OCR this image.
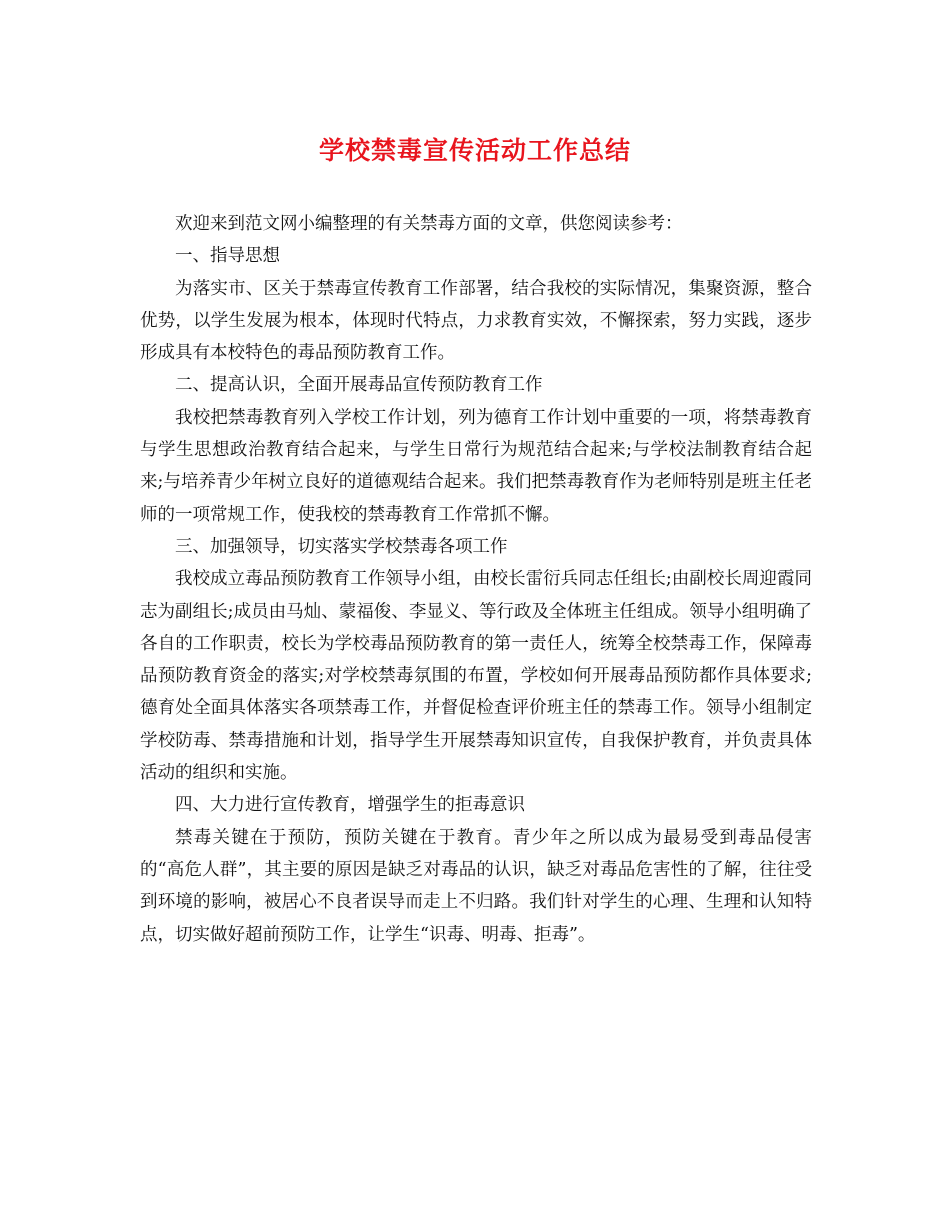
学校禁毒宣传活动工作总结

欢迎来到范文网小编整理的有关禁毒方面的文章，供您阅读参考：

一、指导思想

为落实市、区关于禁毒宣传教育工作部署，结合我校的实际情况，集聚资源，整合优势，以学生发展为根本，体现时代特点，力求教育实效，不懈探索，努力实践，逐步形成具有本校特色的毒品预防教育工作。

二、提高认识，全面开展毒品宣传预防教育工作

我校把禁毒教育列入学校工作计划，列为德育工作计划中重要的一项，将禁毒教育与学生思想政治教育结合起来，与学生日常行为规范结合起来;与学校法制教育结合起来;与培养青少年树立良好的道德观结合起来。我们把禁毒教育作为老师特别是班主任老师的一项常规工作，使我校的禁毒教育工作常抓不懈。

三、加强领导，切实落实学校禁毒各项工作

我校成立毒品预防教育工作领导小组，由校长雷衍兵同志任组长;由副校长周迎霞同志为副组长;成员由马灿、蒙福俊、李显义、等行政及全体班主任组成。领导小组明确了各自的工作职责，校长为学校毒品预防教育的第一责任人，统筹全校禁毒工作，保障毒品预防教育资金的落实;对学校禁毒氛围的布置，学校如何开展毒品预防都作具体要求;德育处全面具体落实各项禁毒工作，并督促检查评价班主任的禁毒工作。领导小组制定学校防毒、禁毒措施和计划，指导学生开展禁毒知识宣传，自我保护教育，并负责具体活动的组织和实施。

四、大力进行宣传教育，增强学生的拒毒意识

禁毒关键在于预防，预防关键在于教育。青少年之所以成为最易受到毒品侵害的“高危人群”，其主要的原因是缺乏对毒品的认识，缺乏对毒品危害性的了解，往往受到环境的影响，被居心不良者误导而走上不归路。我们针对学生的心理、生理和认知特点，切实做好超前预防工作，让学生“识毒、明毒、拒毒”。
